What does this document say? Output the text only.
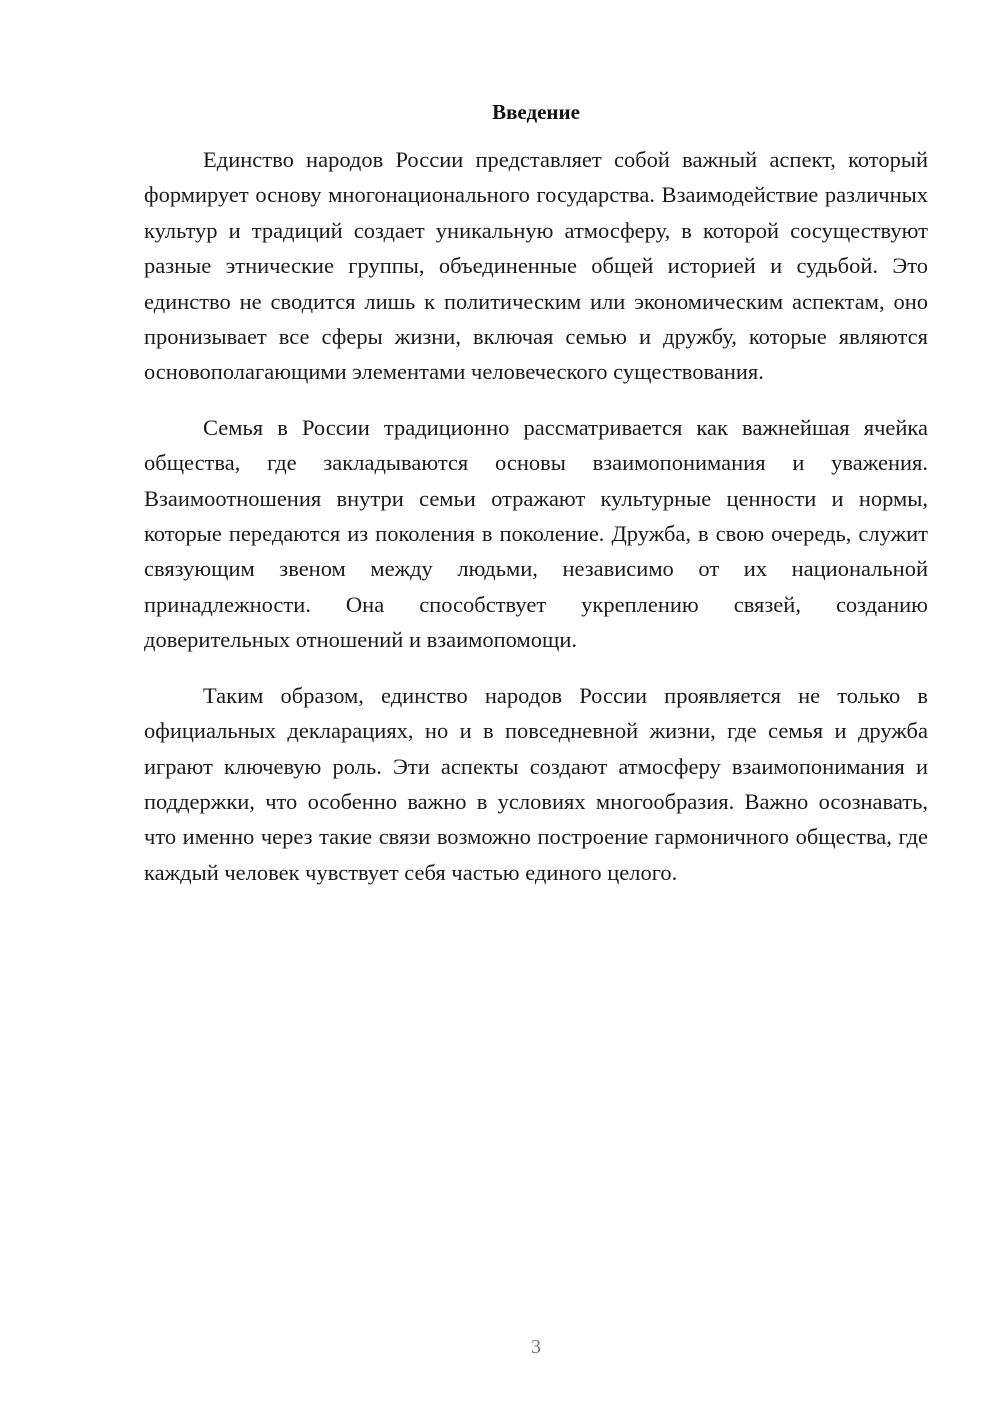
Введение

Единство народов России представляет собой важный аспект, который формирует основу многонационального государства. Взаимодействие различных культур и традиций создает уникальную атмосферу, в которой сосуществуют разные этнические группы, объединенные общей историей и судьбой. Это единство не сводится лишь к политическим или экономическим аспектам, оно пронизывает все сферы жизни, включая семью и дружбу, которые являются основополагающими элементами человеческого существования.

Семья в России традиционно рассматривается как важнейшая ячейка общества, где закладываются основы взаимопонимания и уважения. Взаимоотношения внутри семьи отражают культурные ценности и нормы, которые передаются из поколения в поколение. Дружба, в свою очередь, служит связующим звеном между людьми, независимо от их национальной принадлежности. Она способствует укреплению связей, созданию доверительных отношений и взаимопомощи.

Таким образом, единство народов России проявляется не только в официальных декларациях, но и в повседневной жизни, где семья и дружба играют ключевую роль. Эти аспекты создают атмосферу взаимопонимания и поддержки, что особенно важно в условиях многообразия. Важно осознавать, что именно через такие связи возможно построение гармоничного общества, где каждый человек чувствует себя частью единого целого.

3
